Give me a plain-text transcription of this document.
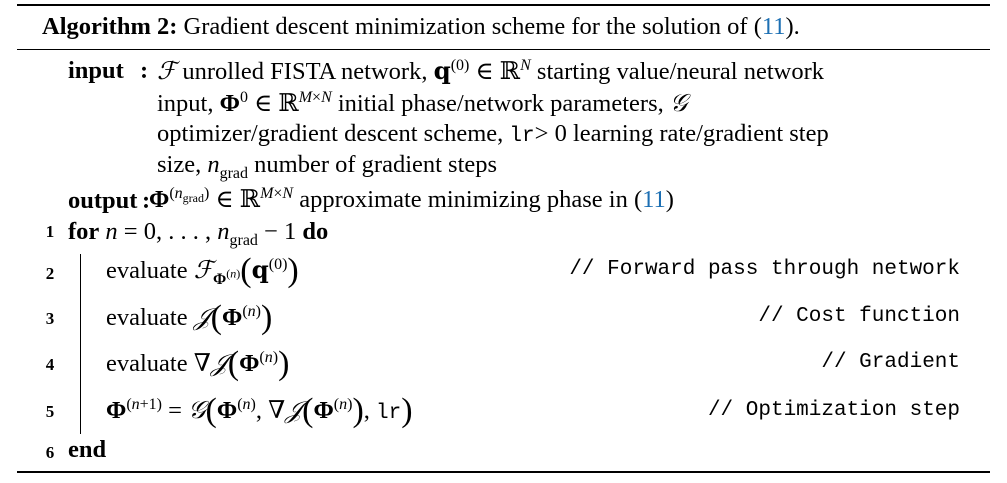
Algorithm 2: Gradient descent minimization scheme for the solution of (11).
input : ℱ unrolled FISTA network, $q^{(0)}$ ∈ ℝ$^N$ starting value/neural network
input, $\Phi^0$ ∈ ℝ$^{M\times N}$ initial phase/network parameters, 𝒢
optimizer/gradient descent scheme, lr> 0 learning rate/gradient step
size, $n_{grad}$ number of gradient steps
output :
$\Phi^{(n_{grad})}$ ∈ ℝ$^{M\times N}$ approximate minimizing phase in (11)
1 for n = 0, . . . , $n_{grad} - 1$ do
2 evaluate $ℱ_{\Phi^{(n)}}(q^{(0)})$	// Forward pass through network
3 evaluate $𝒥(\Phi^{(n)})$	// Cost function
4 evaluate $\nabla 𝒥(\Phi^{(n)})$	// Gradient
5 $\Phi^{(n+1)}$ = $𝒢(\Phi^{(n)}$, $\nabla 𝒥(\Phi^{(n)})$, lr)	// Optimization step
6 end
